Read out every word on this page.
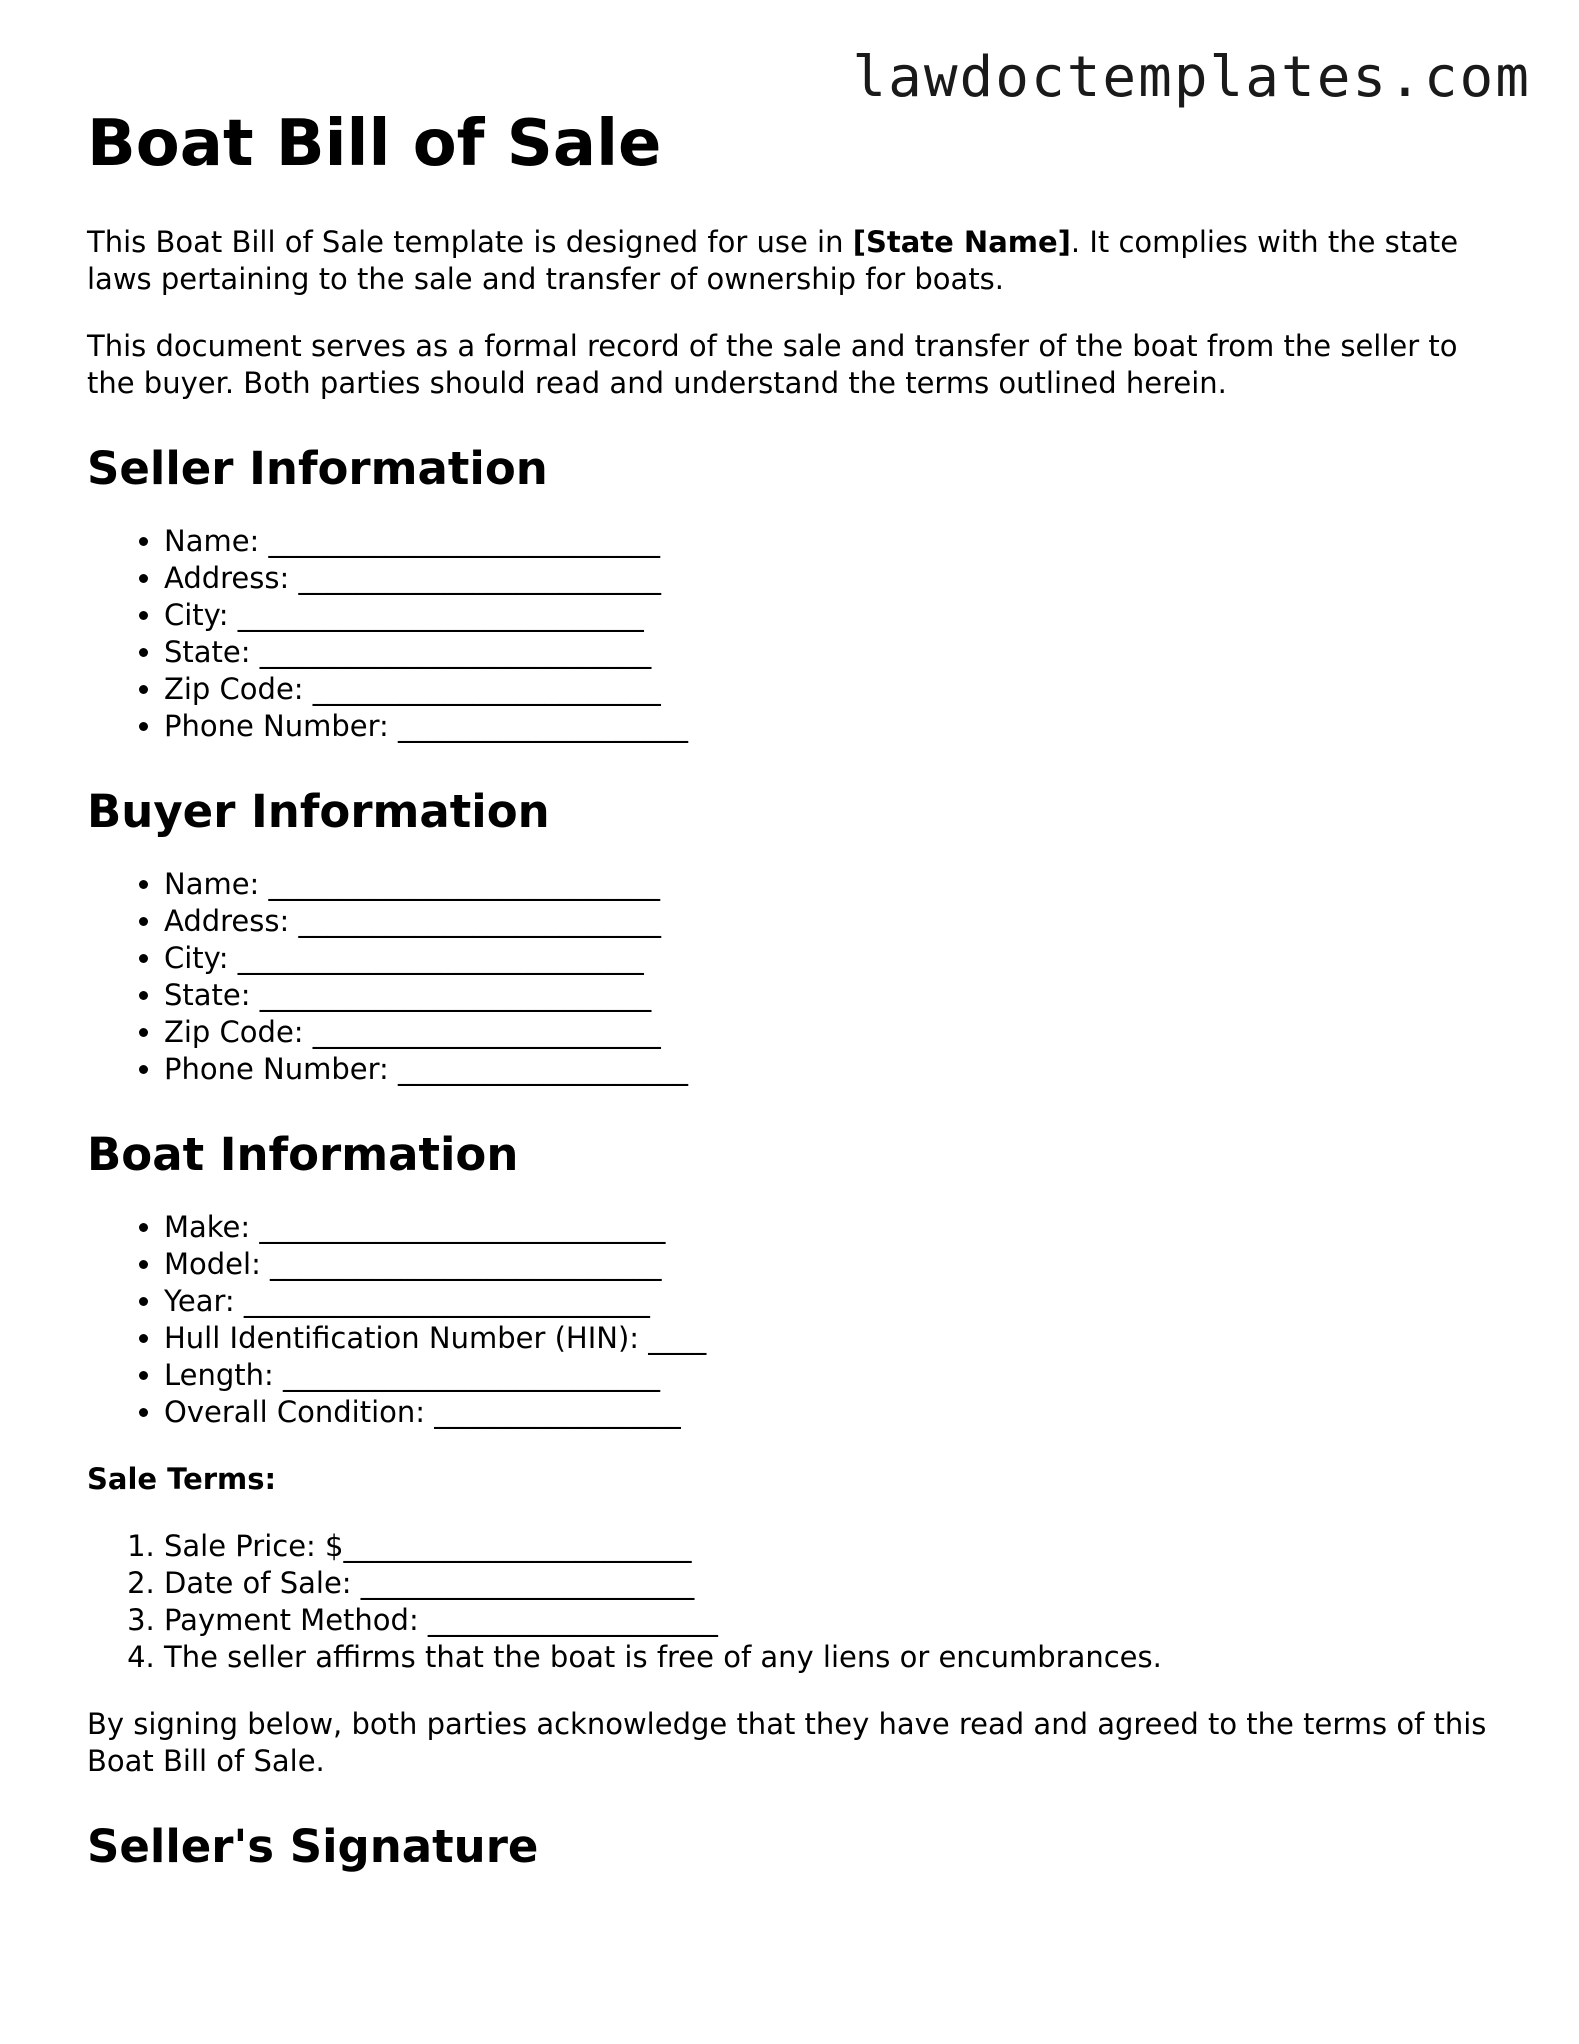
lawdoctemplates.com
Boat Bill of Sale

This Boat Bill of Sale template is designed for use in [State Name]. It complies with the state laws pertaining to the sale and transfer of ownership for boats.

This document serves as a formal record of the sale and transfer of the boat from the seller to the buyer. Both parties should read and understand the terms outlined herein.

Seller Information
• Name: ___________________________
• Address: _________________________
• City: ____________________________
• State: ___________________________
• Zip Code: ________________________
• Phone Number: ____________________
Buyer Information
• Name: ___________________________
• Address: _________________________
• City: ____________________________
• State: ___________________________
• Zip Code: ________________________
• Phone Number: ____________________
Boat Information
• Make: ____________________________
• Model: ___________________________
• Year: ____________________________
• Hull Identification Number (HIN): ____
• Length: __________________________
• Overall Condition: _________________
Sale Terms:
1. Sale Price: $________________________
2. Date of Sale: _______________________
3. Payment Method: ____________________
4. The seller affirms that the boat is free of any liens or encumbrances.

By signing below, both parties acknowledge that they have read and agreed to the terms of this Boat Bill of Sale.

Seller's Signature
